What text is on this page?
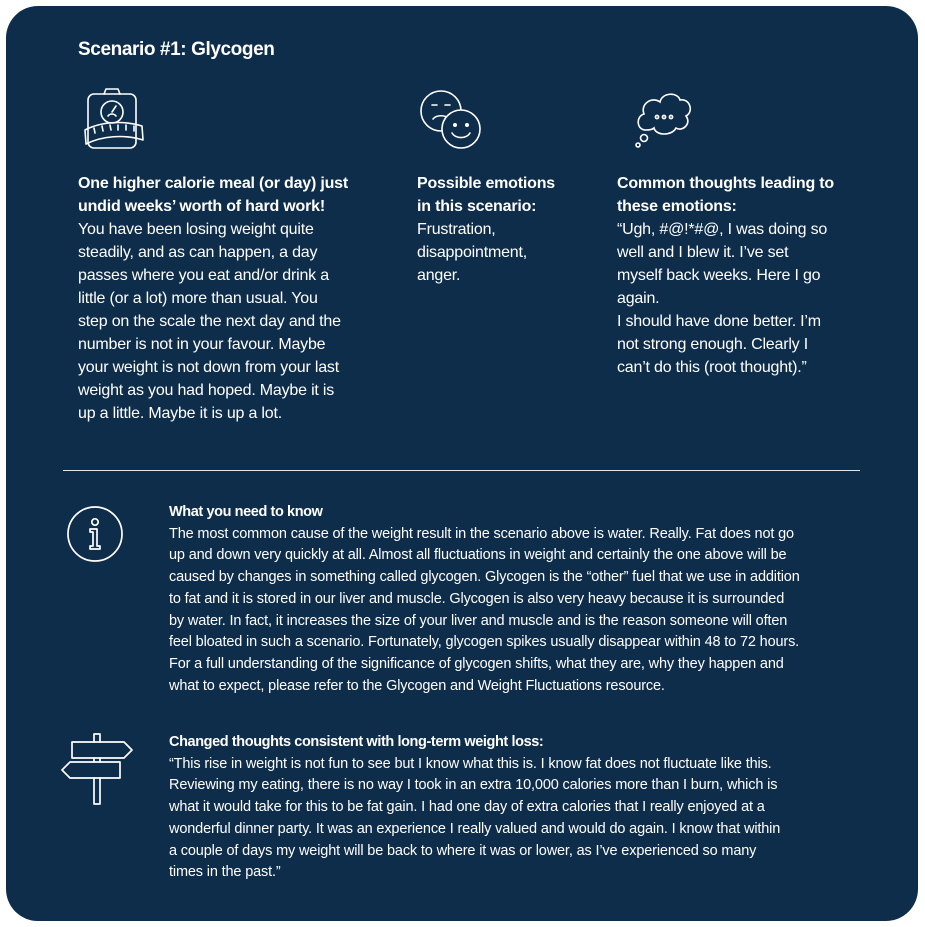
Scenario #1: Glycogen
One higher calorie meal (or day) just
undid weeks’ worth of hard work!
You have been losing weight quite
steadily, and as can happen, a day
passes where you eat and/or drink a
little (or a lot) more than usual. You
step on the scale the next day and the
number is not in your favour. Maybe
your weight is not down from your last
weight as you had hoped. Maybe it is
up a little. Maybe it is up a lot.
Possible emotions
in this scenario:
Frustration,
disappointment,
anger.
Common thoughts leading to
these emotions:
“Ugh, #@!*#@, I was doing so
well and I blew it. I’ve set
myself back weeks. Here I go
again.
I should have done better. I’m
not strong enough. Clearly I
can’t do this (root thought).”
What you need to know
The most common cause of the weight result in the scenario above is water. Really. Fat does not go
up and down very quickly at all. Almost all fluctuations in weight and certainly the one above will be
caused by changes in something called glycogen. Glycogen is the “other” fuel that we use in addition
to fat and it is stored in our liver and muscle. Glycogen is also very heavy because it is surrounded
by water. In fact, it increases the size of your liver and muscle and is the reason someone will often
feel bloated in such a scenario. Fortunately, glycogen spikes usually disappear within 48 to 72 hours.
For a full understanding of the significance of glycogen shifts, what they are, why they happen and
what to expect, please refer to the Glycogen and Weight Fluctuations resource.
Changed thoughts consistent with long-term weight loss:
“This rise in weight is not fun to see but I know what this is. I know fat does not fluctuate like this.
Reviewing my eating, there is no way I took in an extra 10,000 calories more than I burn, which is
what it would take for this to be fat gain. I had one day of extra calories that I really enjoyed at a
wonderful dinner party. It was an experience I really valued and would do again. I know that within
a couple of days my weight will be back to where it was or lower, as I’ve experienced so many
times in the past.”
